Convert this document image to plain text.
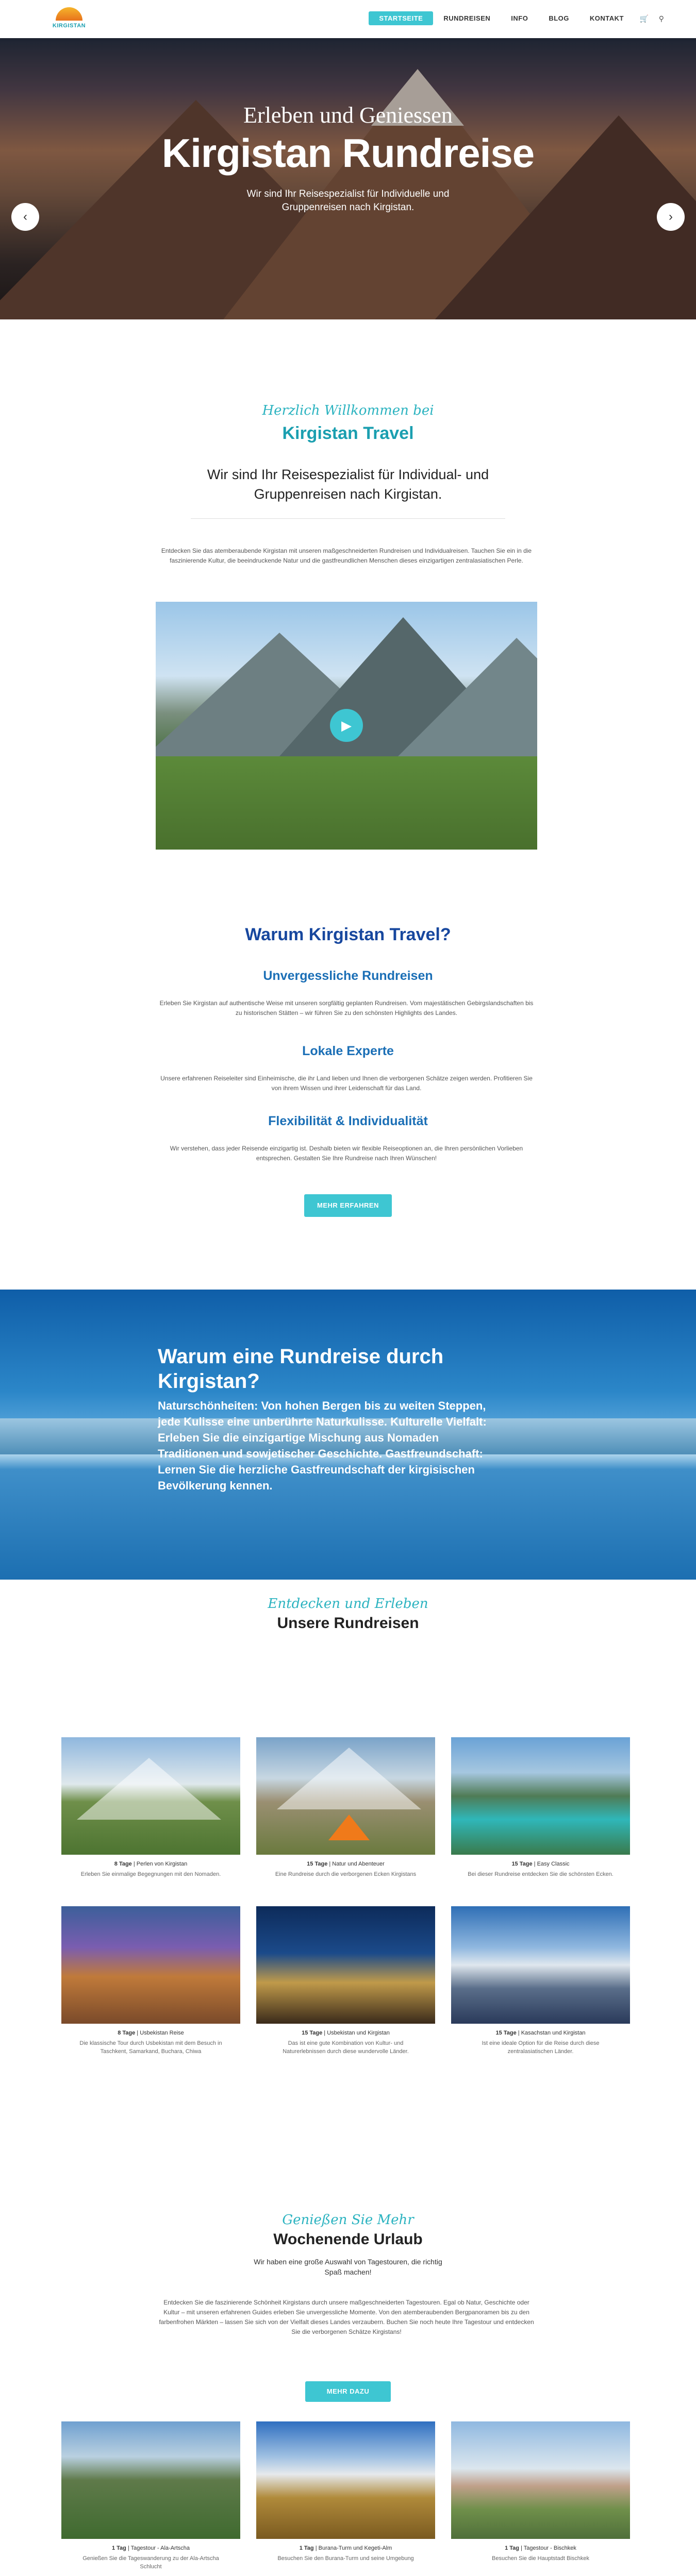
KIRGISTAN
STARTSEITE	RUNDREISEN	INFO	BLOG	KONTAKT	🛒 ⚲
Erleben und Geniessen
Kirgistan Rundreise
Wir sind Ihr Reisespezialist für Individuelle und Gruppenreisen nach Kirgistan.
‹	›
Herzlich Willkommen bei
Kirgistan Travel
Wir sind Ihr Reisespezialist für Individual- und Gruppenreisen nach Kirgistan.
Entdecken Sie das atemberaubende Kirgistan mit unseren maßgeschneiderten Rundreisen und Individualreisen. Tauchen Sie ein in die faszinierende Kultur, die beeindruckende Natur und die gastfreundlichen Menschen dieses einzigartigen zentralasiatischen Perle.
▶
Warum Kirgistan Travel?
Unvergessliche Rundreisen
Erleben Sie Kirgistan auf authentische Weise mit unseren sorgfältig geplanten Rundreisen. Vom majestätischen Gebirgslandschaften bis zu historischen Stätten – wir führen Sie zu den schönsten Highlights des Landes.
Lokale Experte
Unsere erfahrenen Reiseleiter sind Einheimische, die ihr Land lieben und Ihnen die verborgenen Schätze zeigen werden. Profitieren Sie von ihrem Wissen und ihrer Leidenschaft für das Land.
Flexibilität & Individualität
Wir verstehen, dass jeder Reisende einzigartig ist. Deshalb bieten wir flexible Reiseoptionen an, die Ihren persönlichen Vorlieben entsprechen. Gestalten Sie Ihre Rundreise nach Ihren Wünschen!
MEHR ERFAHREN
Warum eine Rundreise durch Kirgistan?
Naturschönheiten: Von hohen Bergen bis zu weiten Steppen, jede Kulisse eine unberührte Naturkulisse. Kulturelle Vielfalt: Erleben Sie die einzigartige Mischung aus Nomaden Traditionen und sowjetischer Geschichte. Gastfreundschaft: Lernen Sie die herzliche Gastfreundschaft der kirgisischen Bevölkerung kennen.
Entdecken und Erleben
Unsere Rundreisen
8 Tage | Perlen von Kirgistan
Erleben Sie einmalige Begegnungen mit den Nomaden.
15 Tage | Natur und Abenteuer
Eine Rundreise durch die verborgenen Ecken Kirgistans
15 Tage | Easy Classic
Bei dieser Rundreise entdecken Sie die schönsten Ecken.
8 Tage | Usbekistan Reise
Die klassische Tour durch Usbekistan mit dem Besuch in Taschkent, Samarkand, Buchara, Chiwa
15 Tage | Usbekistan und Kirgistan
Das ist eine gute Kombination von Kultur- und Naturerlebnissen durch diese wundervolle Länder.
15 Tage | Kasachstan und Kirgistan
Ist eine ideale Option für die Reise durch diese zentralasiatischen Länder.
Genießen Sie Mehr
Wochenende Urlaub
Wir haben eine große Auswahl von Tagestouren, die richtig Spaß machen!
Entdecken Sie die faszinierende Schönheit Kirgistans durch unsere maßgeschneiderten Tagestouren. Egal ob Natur, Geschichte oder Kultur – mit unseren erfahrenen Guides erleben Sie unvergessliche Momente. Von den atemberaubenden Bergpanoramen bis zu den farbenfrohen Märkten – lassen Sie sich von der Vielfalt dieses Landes verzaubern. Buchen Sie noch heute Ihre Tagestour und entdecken Sie die verborgenen Schätze Kirgistans!
MEHR DAZU
1 Tag | Tagestour - Ala-Artscha
Genießen Sie die Tageswanderung zu der Ala-Artscha Schlucht
1 Tag | Burana-Turm und Kegeti-Alm
Besuchen Sie den Burana-Turm und seine Umgebung
1 Tag | Tagestour - Bischkek
Besuchen Sie die Hauptstadt Bischkek
